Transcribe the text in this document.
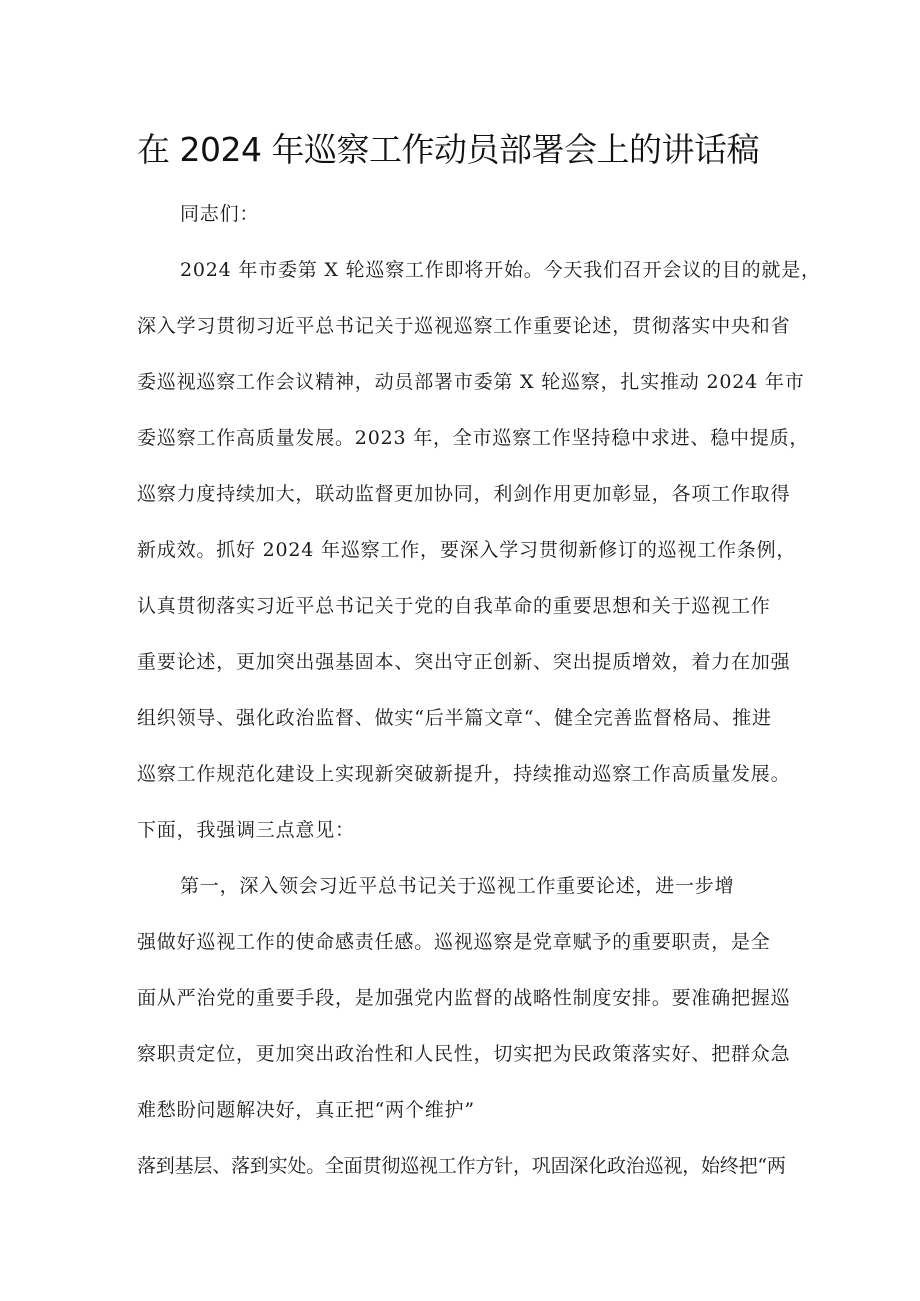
在 2024 年巡察工作动员部署会上的讲话稿
同志们：
2024 年市委第 X 轮巡察工作即将开始。今天我们召开会议的目的就是，
深入学习贯彻习近平总书记关于巡视巡察工作重要论述，贯彻落实中央和省
委巡视巡察工作会议精神，动员部署市委第 X 轮巡察，扎实推动 2024 年市
委巡察工作高质量发展。2023 年，全市巡察工作坚持稳中求进、稳中提质，
巡察力度持续加大，联动监督更加协同，利剑作用更加彰显，各项工作取得
新成效。抓好 2024 年巡察工作，要深入学习贯彻新修订的巡视工作条例，
认真贯彻落实习近平总书记关于党的自我革命的重要思想和关于巡视工作
重要论述，更加突出强基固本、突出守正创新、突出提质增效，着力在加强
组织领导、强化政治监督、做实“后半篇文章“、健全完善监督格局、推进
巡察工作规范化建设上实现新突破新提升，持续推动巡察工作高质量发展。
下面，我强调三点意见：
第一，深入领会习近平总书记关于巡视工作重要论述，进一步增
强做好巡视工作的使命感责任感。巡视巡察是党章赋予的重要职责，是全
面从严治党的重要手段，是加强党内监督的战略性制度安排。要准确把握巡
察职责定位，更加突出政治性和人民性，切实把为民政策落实好、把群众急
难愁盼问题解决好，真正把“两个维护”
落到基层、落到实处。全面贯彻巡视工作方针，巩固深化政治巡视，始终把“两
